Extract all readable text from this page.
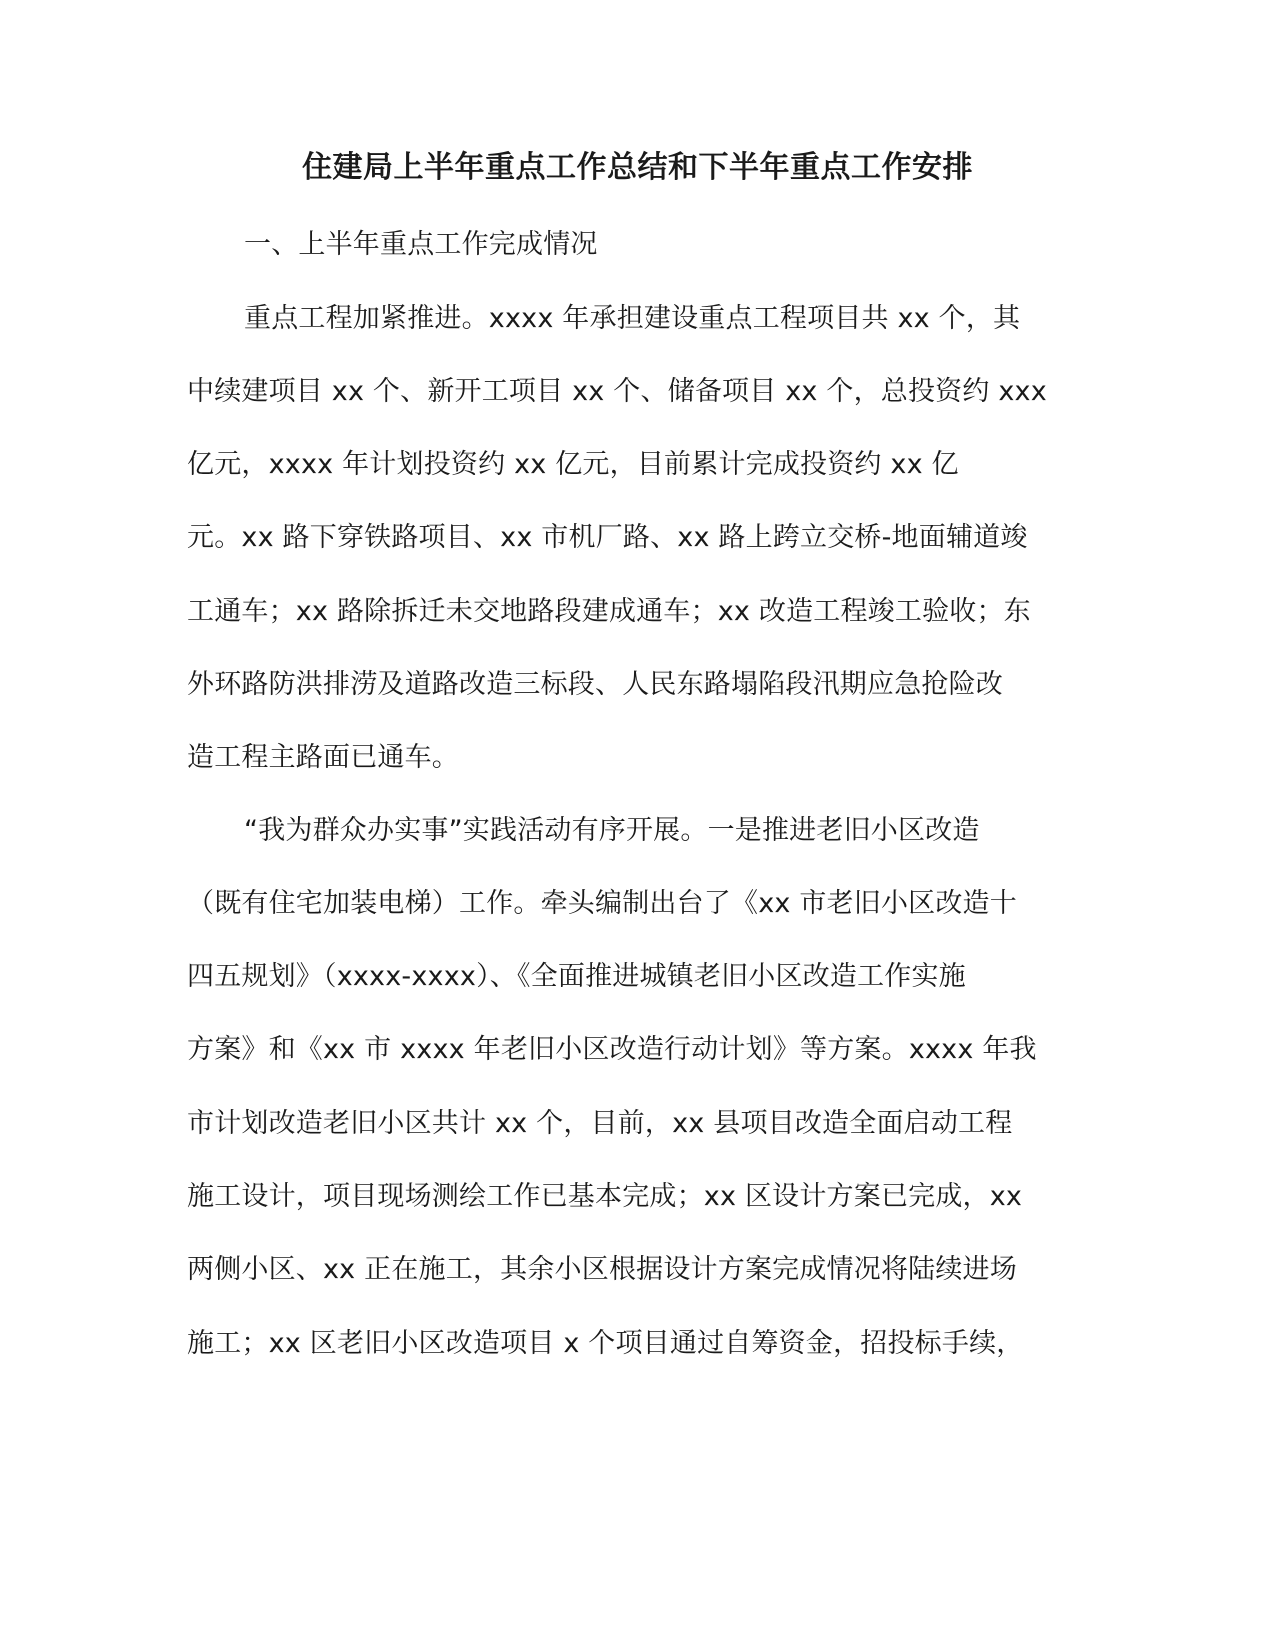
住建局上半年重点工作总结和下半年重点工作安排
一、上半年重点工作完成情况
重点工程加紧推进。xxxx 年承担建设重点工程项目共 xx 个，其
中续建项目 xx 个、新开工项目 xx 个、储备项目 xx 个，总投资约 xxx
亿元，xxxx 年计划投资约 xx 亿元，目前累计完成投资约 xx 亿
元。xx 路下穿铁路项目、xx 市机厂路、xx 路上跨立交桥-地面辅道竣
工通车；xx 路除拆迁未交地路段建成通车；xx 改造工程竣工验收；东
外环路防洪排涝及道路改造三标段、人民东路塌陷段汛期应急抢险改
造工程主路面已通车。
“我为群众办实事”实践活动有序开展。一是推进老旧小区改造
（既有住宅加装电梯）工作。牵头编制出台了《xx 市老旧小区改造十
四五规划》（xxxx-xxxx）、《全面推进城镇老旧小区改造工作实施
方案》和《xx 市 xxxx 年老旧小区改造行动计划》等方案。xxxx 年我
市计划改造老旧小区共计 xx 个，目前，xx 县项目改造全面启动工程
施工设计，项目现场测绘工作已基本完成；xx 区设计方案已完成，xx
两侧小区、xx 正在施工，其余小区根据设计方案完成情况将陆续进场
施工；xx 区老旧小区改造项目 x 个项目通过自筹资金，招投标手续，
